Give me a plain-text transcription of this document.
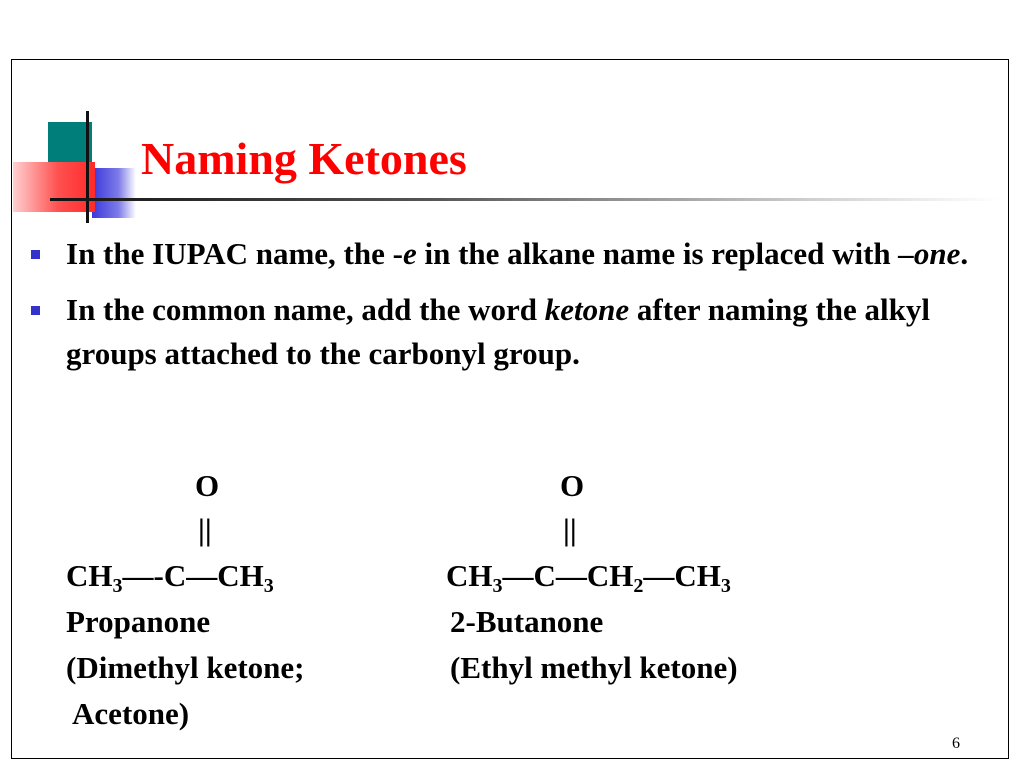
Naming Ketones
In the IUPAC name, the -e in the alkane name is replaced with –one.
In the common name, add the word ketone after naming the alkyl groups attached to the carbonyl group.
O
||
$CH_3—-C—CH_3$
Propanone
(Dimethyl ketone;
Acetone)
O
||
$CH_3—C—CH_2—CH_3$
2-Butanone
(Ethyl methyl ketone)
6
